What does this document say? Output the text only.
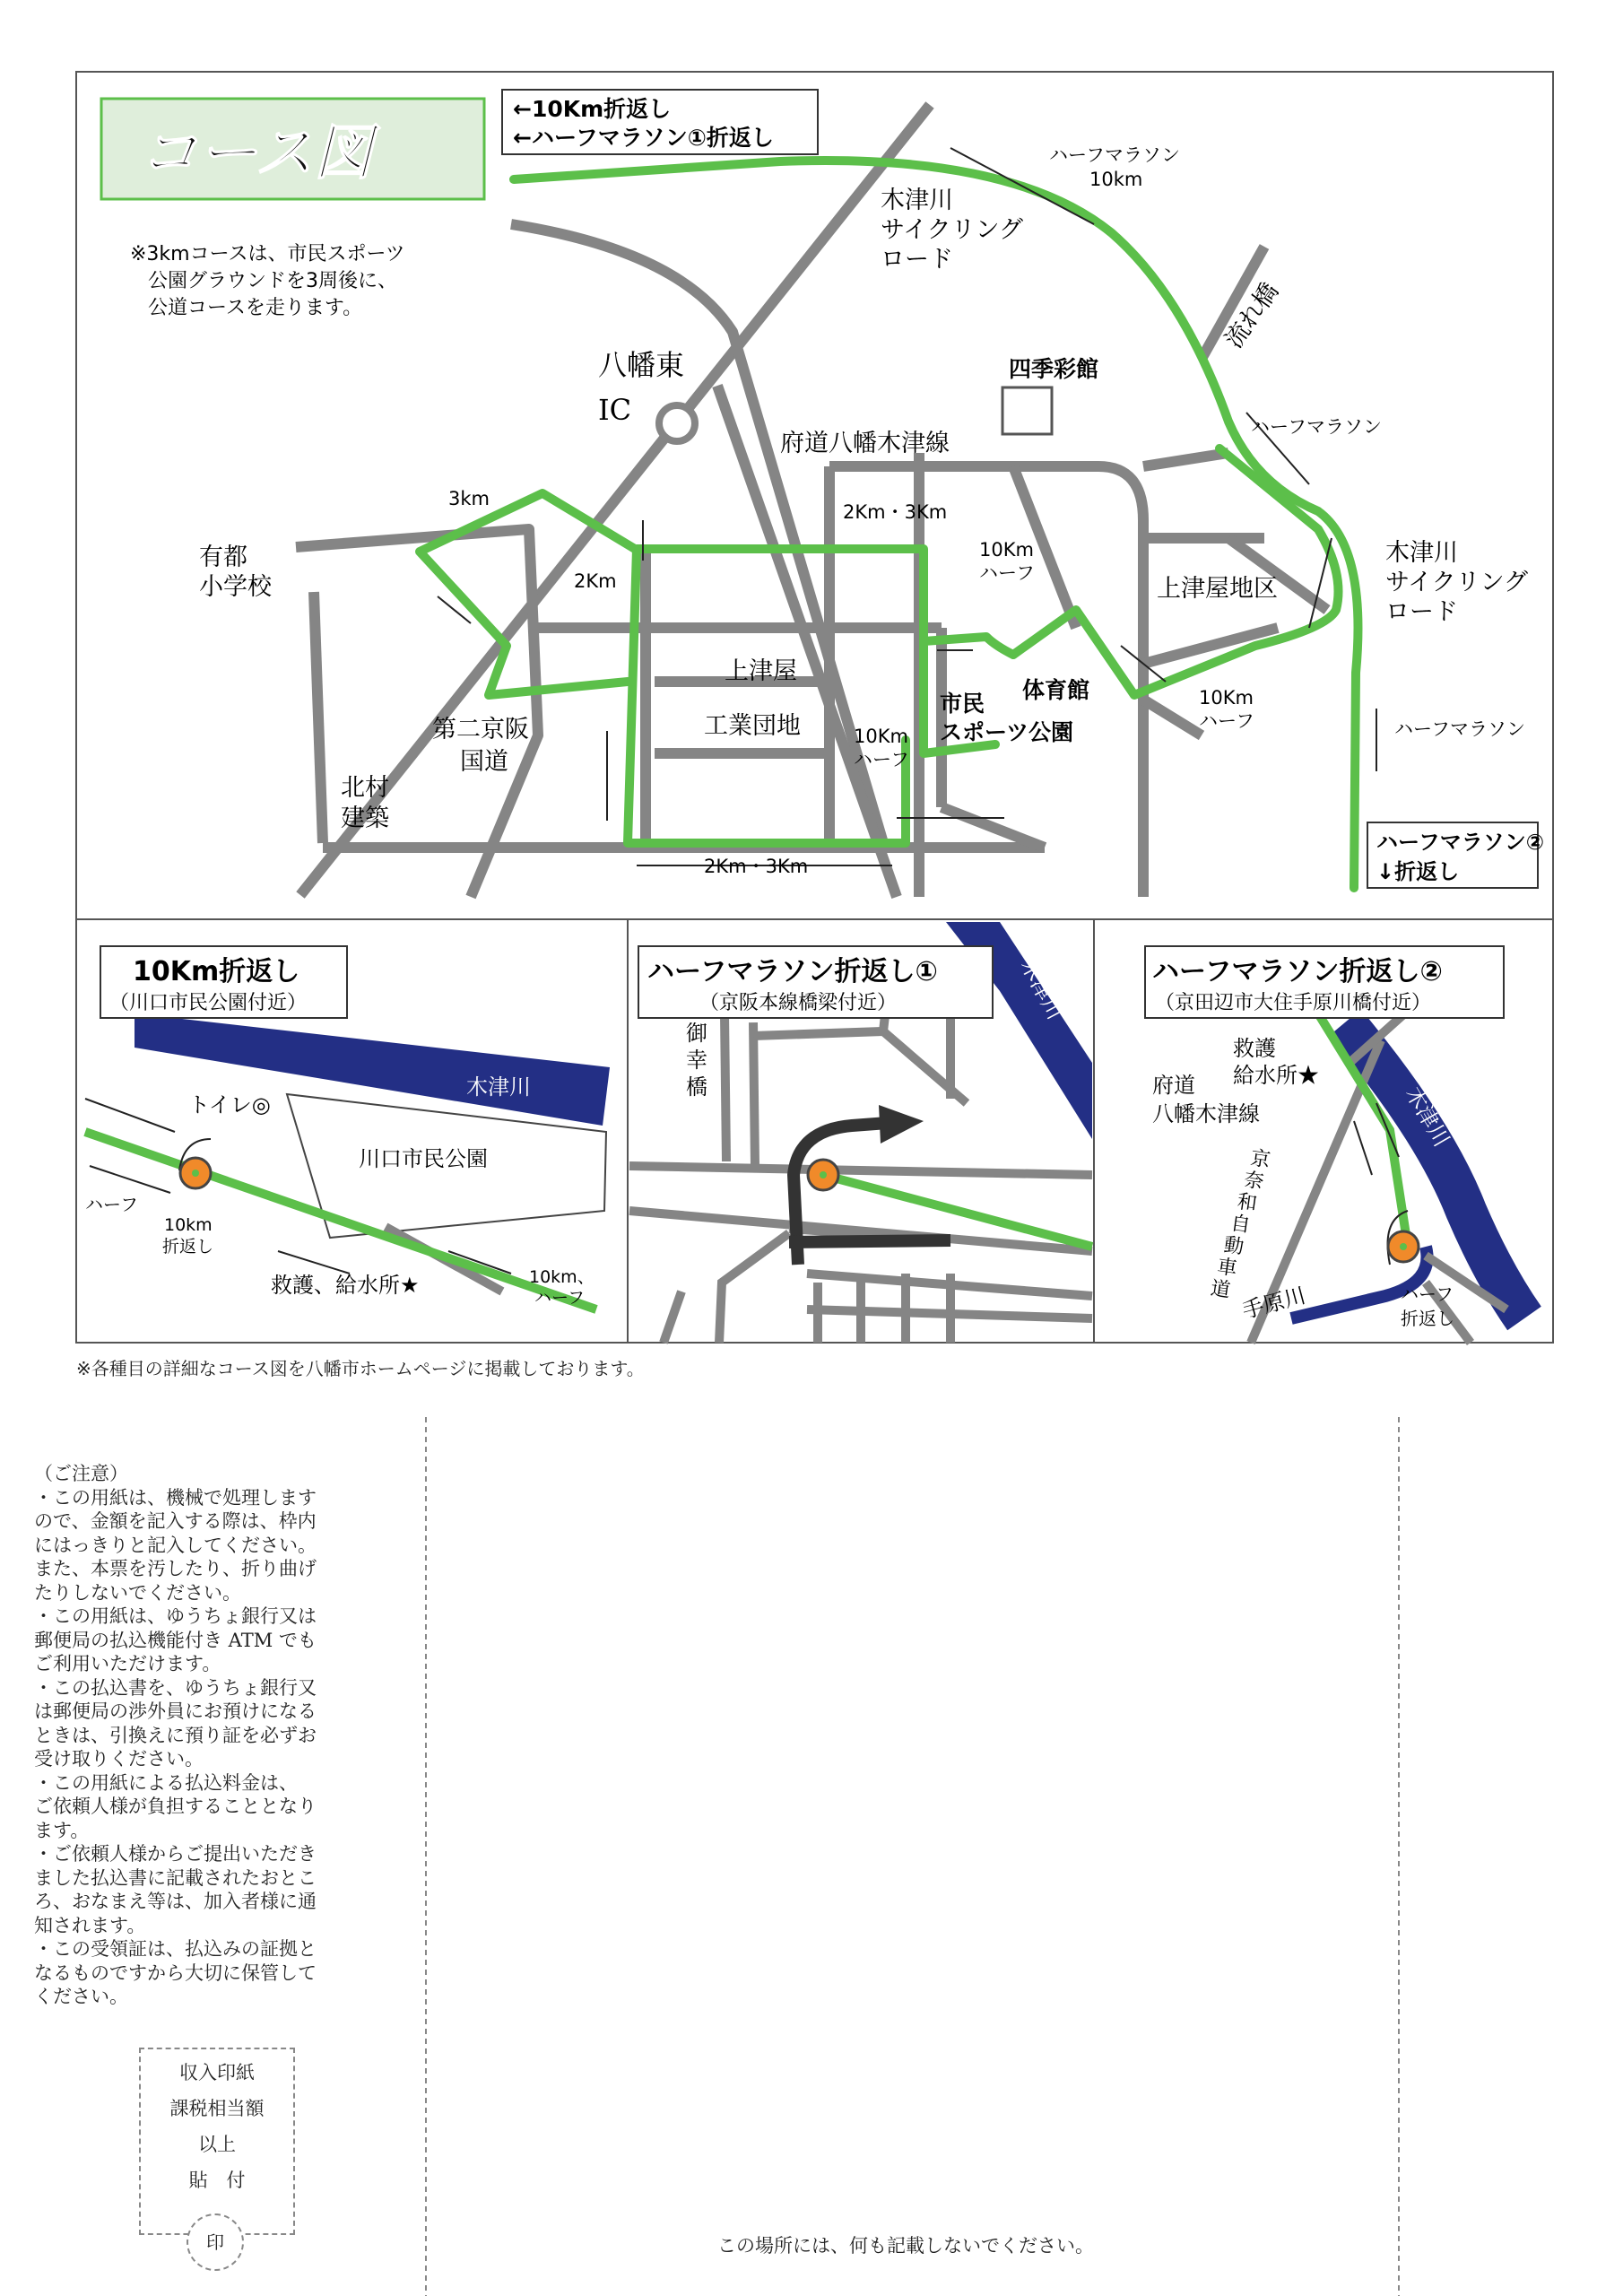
ハーフマラソン
10km
木津川
サイクリング
ロード
流れ橋
四季彩館
八幡東
IC
府道八幡木津線
ハーフマラソン
木津川
サイクリング
ロード
3km
2Km・3Km
10Km
ハーフ
上津屋地区
有都
小学校	2Km
上津屋
工業団地
体育館
市民
スポーツ公園
10Km
ハーフ
10Km
ハーフ	ハーフマラソン
第二京阪
国道
北村
建築
2Km・3Km
コース図
※3kmコースは、市民スポーツ
公園グラウンドを3周後に、
公道コースを走ります。
←10Km折返し
←ハーフマラソン①折返し
ハーフマラソン②
↓折返し
10Km折返し
（川口市民公園付近）
木津川
トイレ◎
川口市民公園
ハーフ
10km
折返し
救護、給水所★	10km、
ハーフ
ハーフマラソン折返し①
（京阪本線橋梁付近）	木津川
御
幸
橋
ハーフマラソン折返し②
（京田辺市大住手原川橋付近）
救護
給水所★
府道
八幡木津線	木津川
京
奈
和
自
動
車
道 手原川	ハーフ
折返し
※各種目の詳細なコース図を八幡市ホームページに掲載しております。

（ご注意）

・この用紙は、機械で処理します

ので、金額を記入する際は、枠内

にはっきりと記入してください。

また、本票を汚したり、折り曲げ

たりしないでください。

・この用紙は、ゆうちょ銀行又は

郵便局の払込機能付き ATM でも

ご利用いただけます。

・この払込書を、ゆうちょ銀行又

は郵便局の渉外員にお預けになる

ときは、引換えに預り証を必ずお

受け取りください。

・この用紙による払込料金は、

ご依頼人様が負担することとなり

ます。

・ご依頼人様からご提出いただき

ました払込書に記載されたおとこ

ろ、おなまえ等は、加入者様に通

知されます。

・この受領証は、払込みの証拠と

なるものですから大切に保管して

ください。

収入印紙

課税相当額

以上

貼　付

印	この場所には、何も記載しないでください。
